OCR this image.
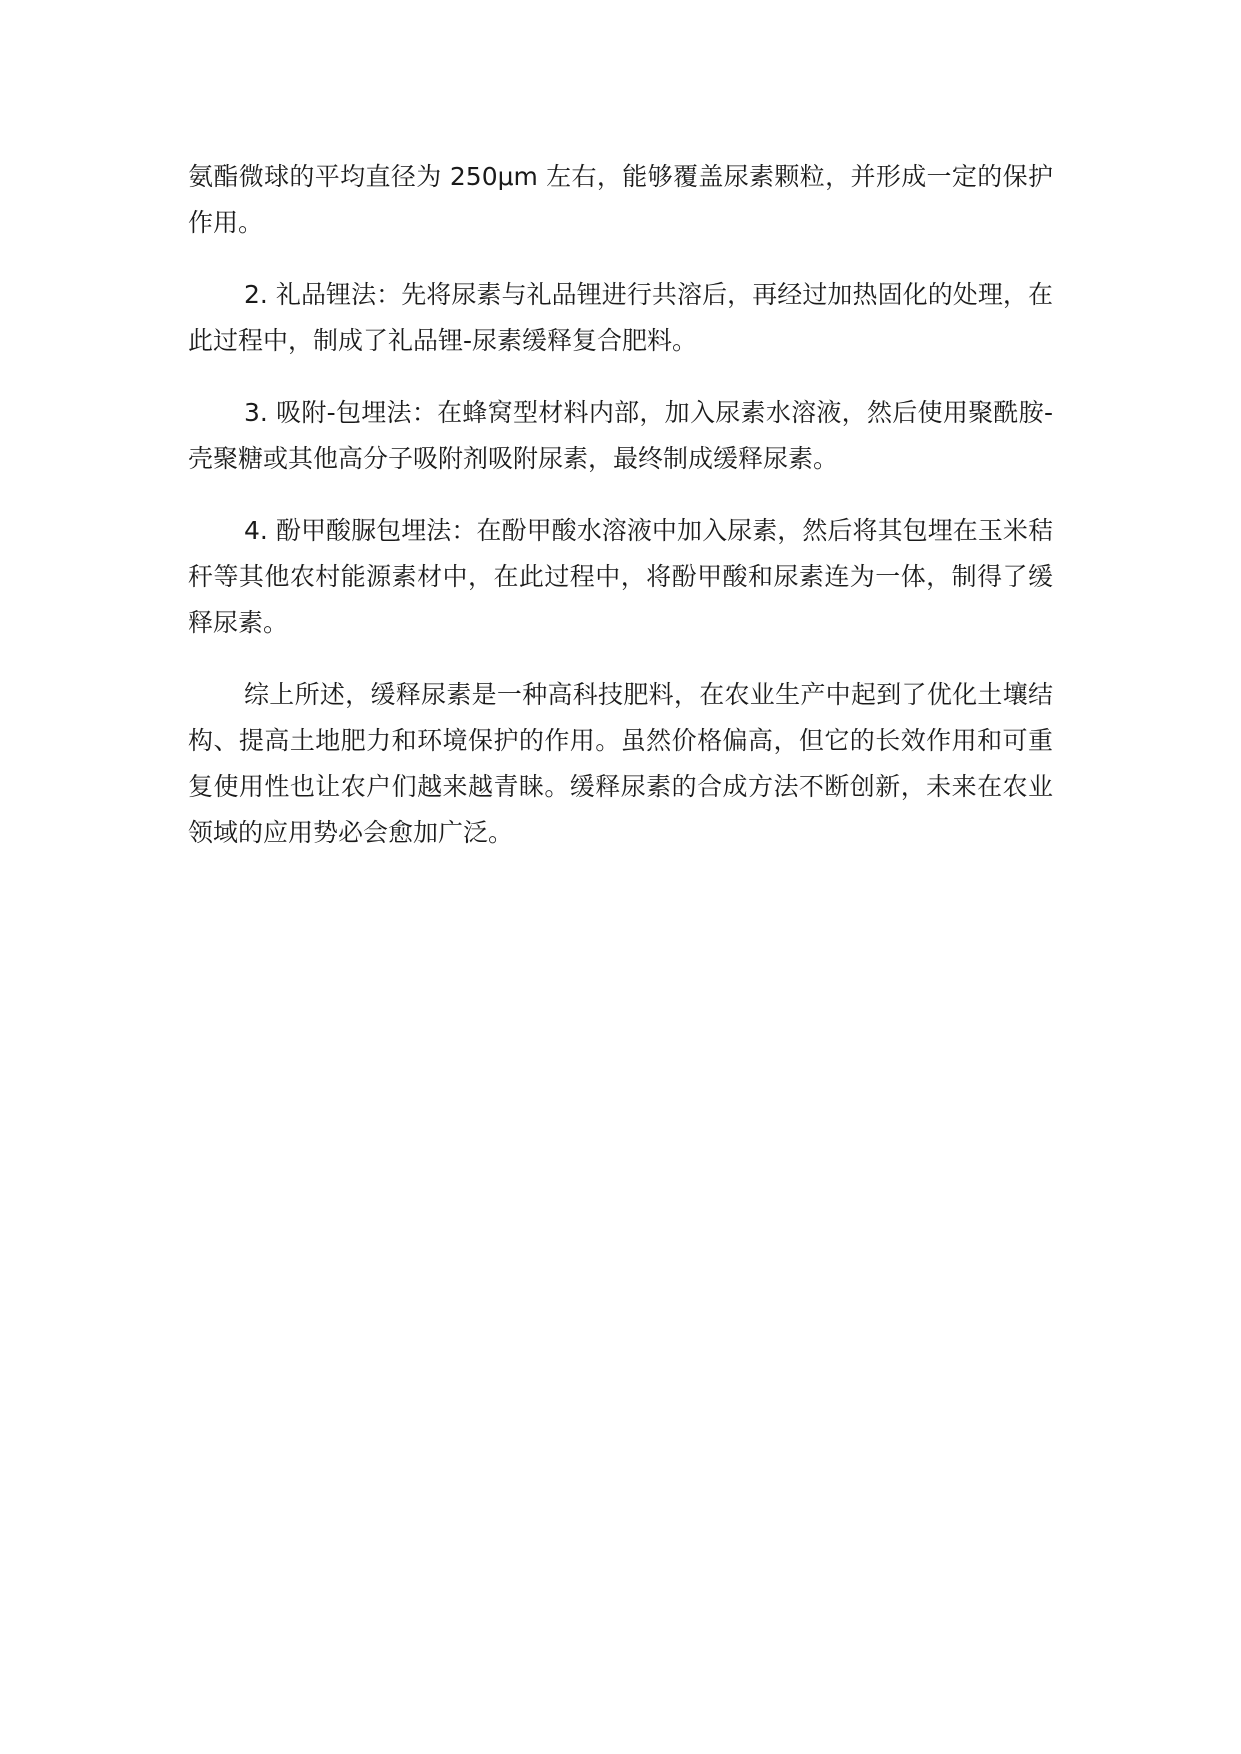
氨酯微球的平均直径为 250μm 左右，能够覆盖尿素颗粒，并形成一定的保护作用。

2. 礼品锂法：先将尿素与礼品锂进行共溶后，再经过加热固化的处理，在此过程中，制成了礼品锂-尿素缓释复合肥料。

3. 吸附-包埋法：在蜂窝型材料内部，加入尿素水溶液，然后使用聚酰胺-壳聚糖或其他高分子吸附剂吸附尿素，最终制成缓释尿素。

4. 酚甲酸脲包埋法：在酚甲酸水溶液中加入尿素，然后将其包埋在玉米秸秆等其他农村能源素材中，在此过程中，将酚甲酸和尿素连为一体，制得了缓释尿素。

综上所述，缓释尿素是一种高科技肥料，在农业生产中起到了优化土壤结构、提高土地肥力和环境保护的作用。虽然价格偏高，但它的长效作用和可重复使用性也让农户们越来越青睐。缓释尿素的合成方法不断创新，未来在农业领域的应用势必会愈加广泛。
